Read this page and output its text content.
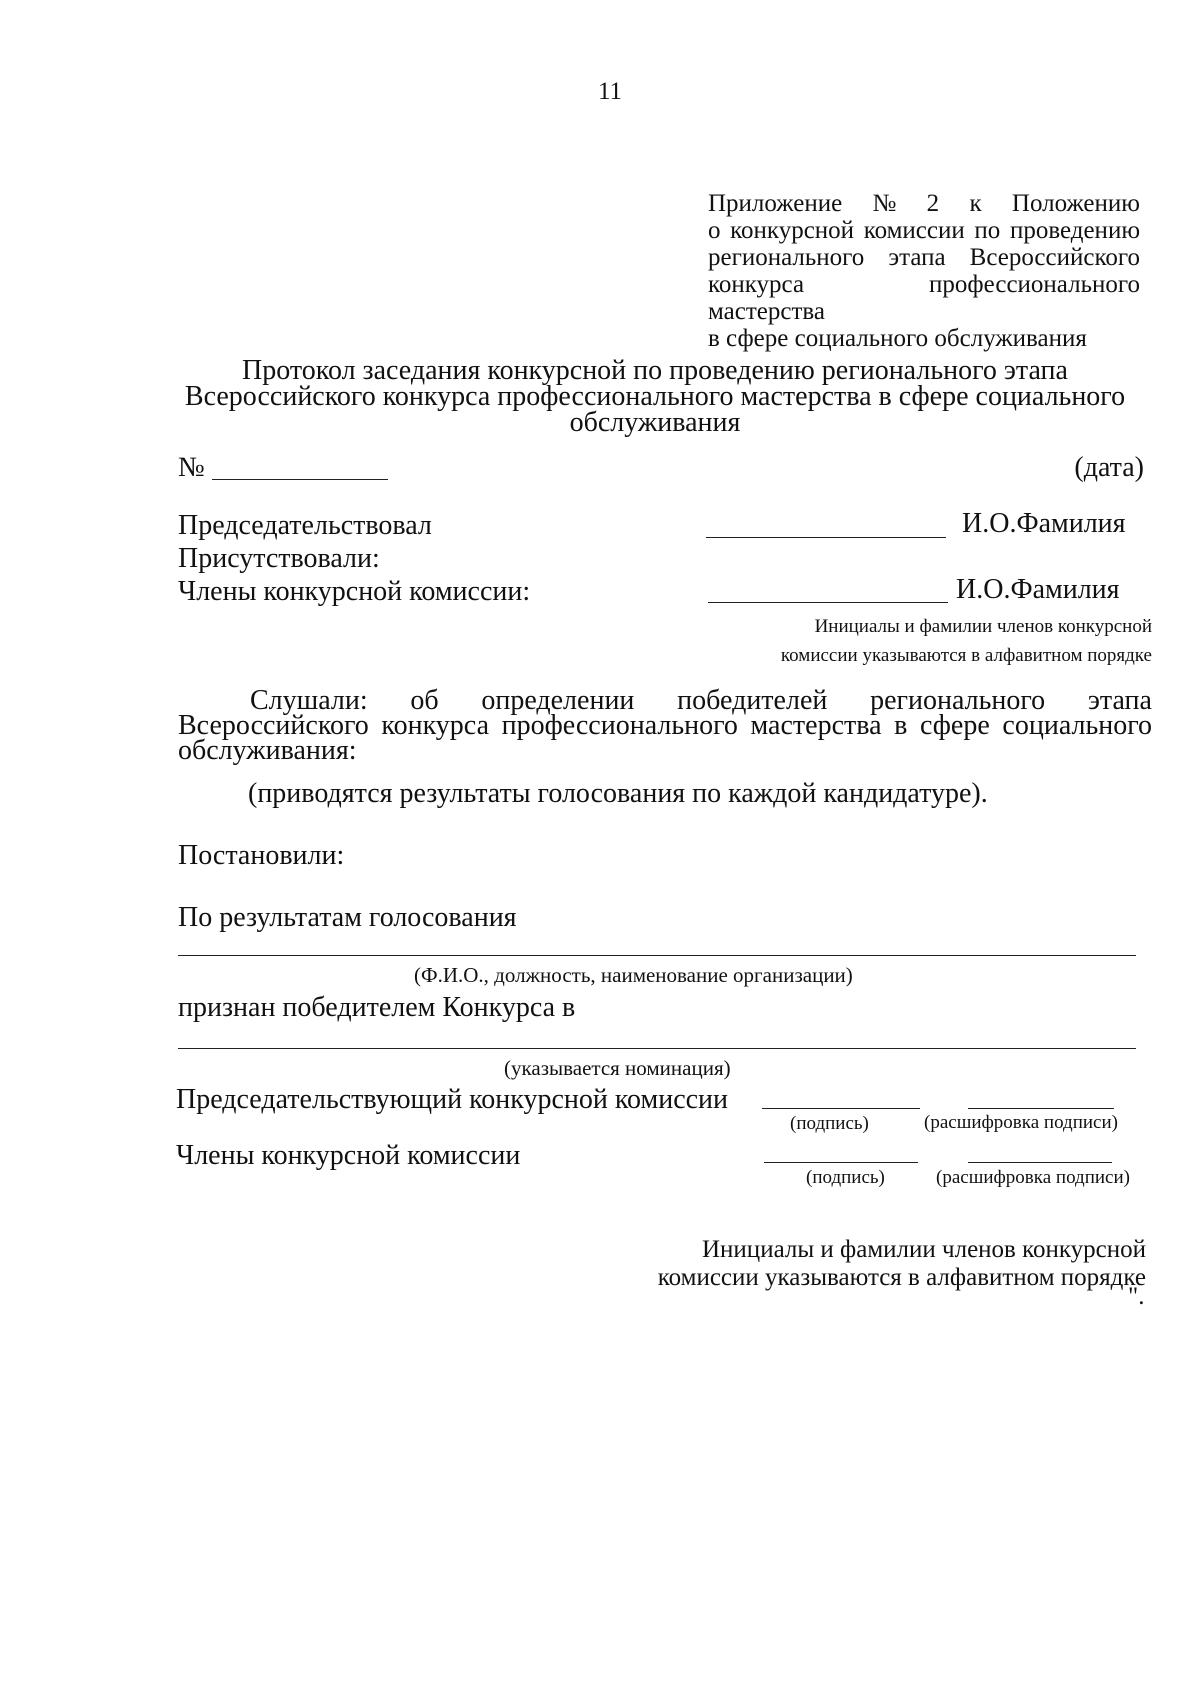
11
Приложение № 2 к Положению
о конкурсной комиссии по проведению
регионального этапа Всероссийского
конкурса профессионального мастерства
в сфере социального обслуживания
Протокол заседания конкурсной по проведению регионального этапа
Всероссийского конкурса профессионального мастерства в сфере социального
обслуживания
№	(дата)
Председательствовал	И.О.Фамилия
Присутствовали:
Члены конкурсной комиссии:	И.О.Фамилия
Инициалы и фамилии членов конкурсной
комиссии указываются в алфавитном порядке
Слушали: об определении победителей регионального этапа
Всероссийского конкурса профессионального мастерства в сфере социального
обслуживания:
(приводятся результаты голосования по каждой кандидатуре).
Постановили:
По результатам голосования
(Ф.И.О., должность, наименование организации)
признан победителем Конкурса в
(указывается номинация)
Председательствующий конкурсной комиссии
(подпись)	(расшифровка подписи)
Члены конкурсной комиссии
(подпись)	(расшифровка подписи)
Инициалы и фамилии членов конкурсной
комиссии указываются в алфавитном порядке
".
